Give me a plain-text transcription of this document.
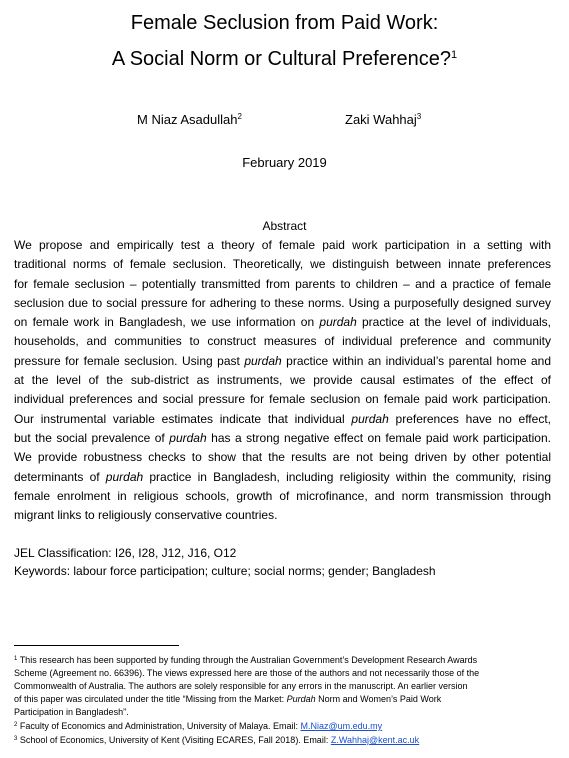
Female Seclusion from Paid Work:
A Social Norm or Cultural Preference?$^1$
M Niaz Asadullah$^2$	Zaki Wahhaj$^3$
February 2019
Abstract

We propose and empirically test a theory of female paid work participation in a setting with
traditional norms of female seclusion. Theoretically, we distinguish between innate preferences
for female seclusion – potentially transmitted from parents to children – and a practice of female
seclusion due to social pressure for adhering to these norms. Using a purposefully designed survey
on female work in Bangladesh, we use information on purdah practice at the level of individuals,
households, and communities to construct measures of individual preference and community
pressure for female seclusion. Using past purdah practice within an individual’s parental home and
at the level of the sub-district as instruments, we provide causal estimates of the effect of
individual preferences and social pressure for female seclusion on female paid work participation.
Our instrumental variable estimates indicate that individual purdah preferences have no effect,
but the social prevalence of purdah has a strong negative effect on female paid work participation.
We provide robustness checks to show that the results are not being driven by other potential
determinants of purdah practice in Bangladesh, including religiosity within the community, rising
female enrolment in religious schools, growth of microfinance, and norm transmission through
migrant links to religiously conservative countries.

JEL Classification: I26, I28, J12, J16, O12
Keywords: labour force participation; culture; social norms; gender; Bangladesh
$^1$ This research has been supported by funding through the Australian Government’s Development Research Awards
Scheme (Agreement no. 66396). The views expressed here are those of the authors and not necessarily those of the
Commonwealth of Australia. The authors are solely responsible for any errors in the manuscript. An earlier version
of this paper was circulated under the title “Missing from the Market: Purdah Norm and Women’s Paid Work
Participation in Bangladesh”.
$^2$ Faculty of Economics and Administration, University of Malaya. Email: M.Niaz@um.edu.my
$^3$ School of Economics, University of Kent (Visiting ECARES, Fall 2018). Email: Z.Wahhaj@kent.ac.uk
